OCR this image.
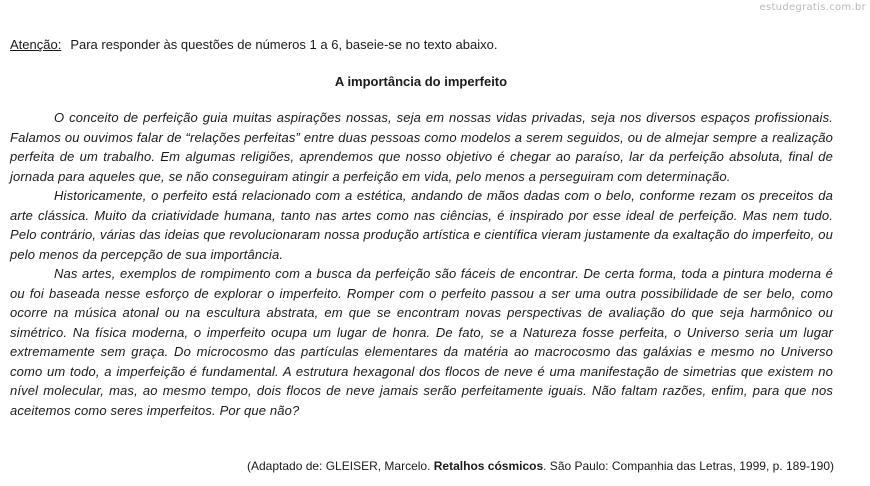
estudegratis.com.br
Atenção: Para responder às questões de números 1 a 6, baseie-se no texto abaixo.
A importância do imperfeito

O conceito de perfeição guia muitas aspirações nossas, seja em nossas vidas privadas, seja nos diversos espaços profissionais. Falamos ou ouvimos falar de “relações perfeitas” entre duas pessoas como modelos a serem seguidos, ou de almejar sempre a realização perfeita de um trabalho. Em algumas religiões, aprendemos que nosso objetivo é chegar ao paraíso, lar da perfeição absoluta, final de jornada para aqueles que, se não conseguiram atingir a perfeição em vida, pelo menos a perseguiram com determinação.

Historicamente, o perfeito está relacionado com a estética, andando de mãos dadas com o belo, conforme rezam os preceitos da arte clássica. Muito da criatividade humana, tanto nas artes como nas ciências, é inspirado por esse ideal de perfeição. Mas nem tudo. Pelo contrário, várias das ideias que revolucionaram nossa produção artística e científica vieram justamente da exaltação do imperfeito, ou pelo menos da percepção de sua importância.

Nas artes, exemplos de rompimento com a busca da perfeição são fáceis de encontrar. De certa forma, toda a pintura moderna é ou foi baseada nesse esforço de explorar o imperfeito. Romper com o perfeito passou a ser uma outra possibilidade de ser belo, como ocorre na música atonal ou na escultura abstrata, em que se encontram novas perspectivas de avaliação do que seja harmônico ou simétrico. Na física moderna, o imperfeito ocupa um lugar de honra. De fato, se a Natureza fosse perfeita, o Universo seria um lugar extremamente sem graça. Do microcosmo das partículas elementares da matéria ao macrocosmo das galáxias e mesmo no Universo como um todo, a imperfeição é fundamental. A estrutura hexagonal dos flocos de neve é uma manifestação de simetrias que existem no nível molecular, mas, ao mesmo tempo, dois flocos de neve jamais serão perfeitamente iguais. Não faltam razões, enfim, para que nos aceitemos como seres imperfeitos. Por que não?

(Adaptado de: GLEISER, Marcelo. Retalhos cósmicos. São Paulo: Companhia das Letras, 1999, p. 189-190)
